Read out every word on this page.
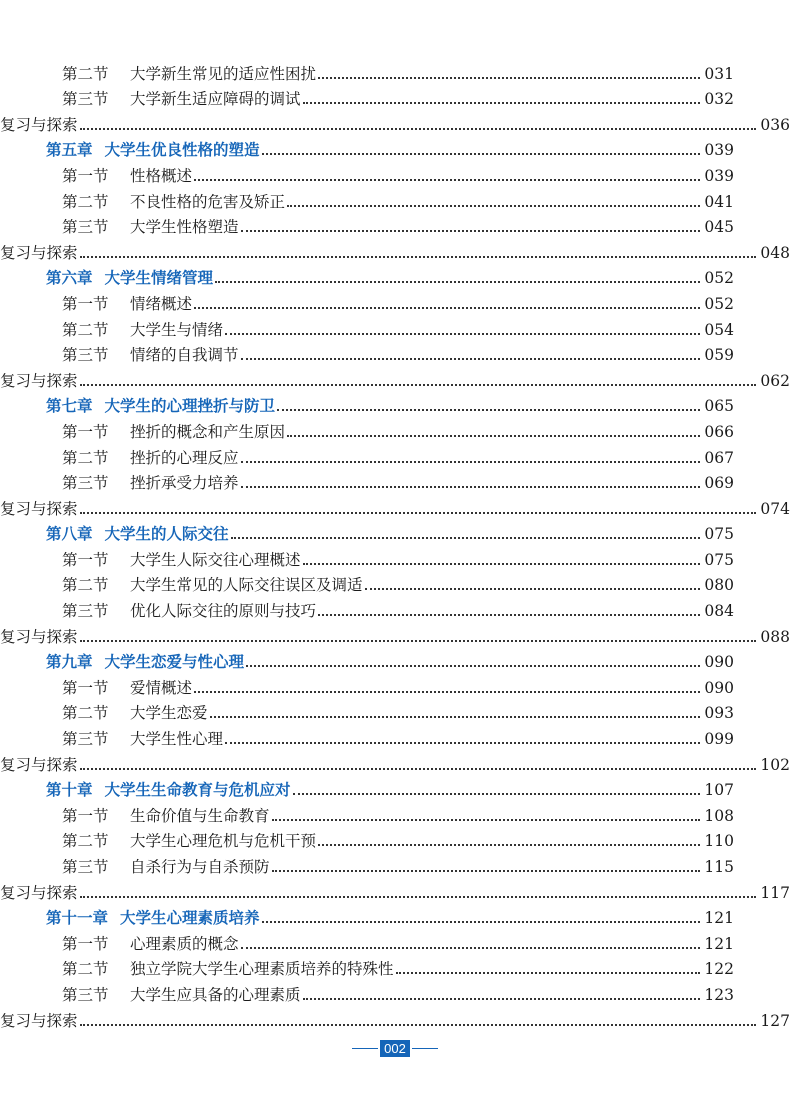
第二节	大学新生常见的适应性困扰	031
第三节	大学新生适应障碍的调试	032
复习与探索	036
第五章 大学生优良性格的塑造	039
第一节	性格概述	039
第二节	不良性格的危害及矫正	041
第三节	大学生性格塑造	045
复习与探索	048
第六章 大学生情绪管理	052
第一节	情绪概述	052
第二节	大学生与情绪	054
第三节	情绪的自我调节	059
复习与探索	062
第七章 大学生的心理挫折与防卫	065
第一节	挫折的概念和产生原因	066
第二节	挫折的心理反应	067
第三节	挫折承受力培养	069
复习与探索	074
第八章 大学生的人际交往	075
第一节	大学生人际交往心理概述	075
第二节	大学生常见的人际交往误区及调适	080
第三节	优化人际交往的原则与技巧	084
复习与探索	088
第九章 大学生恋爱与性心理	090
第一节	爱情概述	090
第二节	大学生恋爱	093
第三节	大学生性心理	099
复习与探索	102
第十章 大学生生命教育与危机应对	107
第一节	生命价值与生命教育	108
第二节	大学生心理危机与危机干预	110
第三节	自杀行为与自杀预防	115
复习与探索	117
第十一章 大学生心理素质培养	121
第一节	心理素质的概念	121
第二节	独立学院大学生心理素质培养的特殊性	122
第三节	大学生应具备的心理素质	123
复习与探索	127
002
